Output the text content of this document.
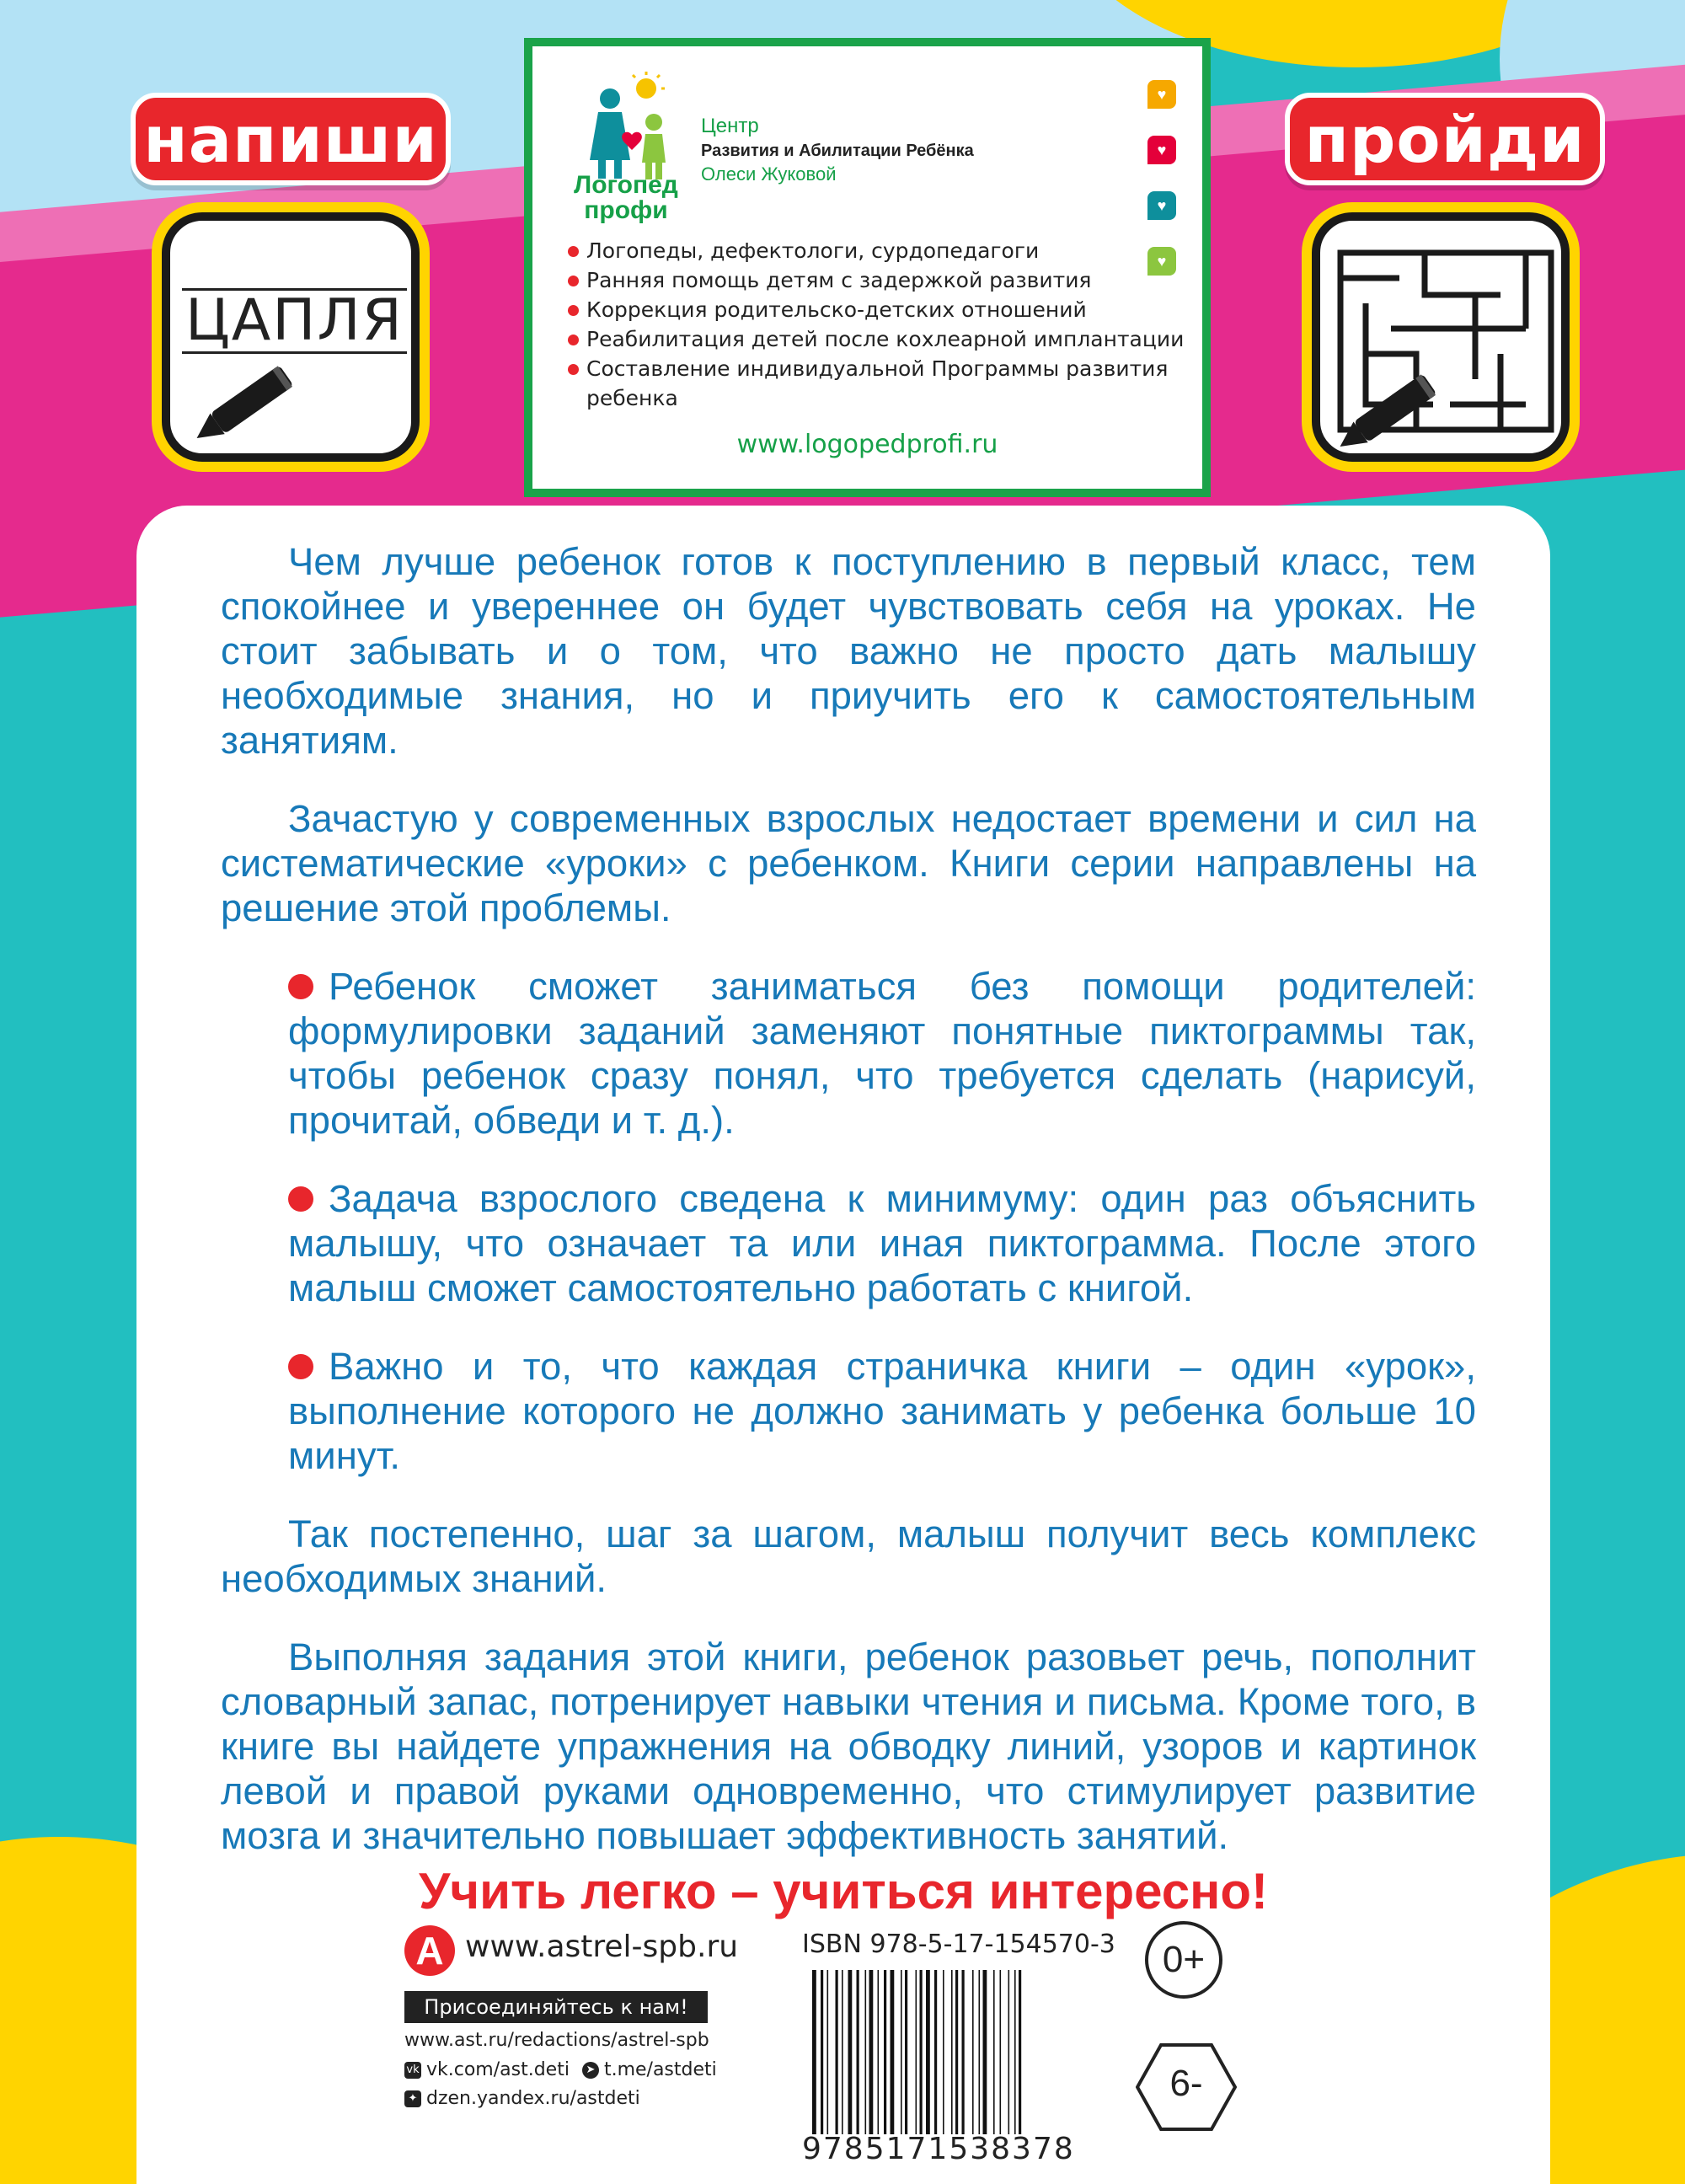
напиши
ЦАПЛЯ
пройди
Логопед
профи
Центр
Развития и Абилитации Ребёнка
Олеси Жуковой
♥
♥
♥
♥
Логопеды, дефектологи, сурдопедагоги
Ранняя помощь детям с задержкой развития
Коррекция родительско-детских отношений
Реабилитация детей после кохлеарной имплантации
Составление индивидуальной Программы развития ребенка
www.logopedprofi.ru

Чем лучше ребенок готов к поступлению в первый класс, тем спокойнее и увереннее он будет чувствовать себя на уроках. Не стоит забывать и о том, что важно не просто дать малышу необходимые знания, но и приучить его к самостоятельным занятиям.

Зачастую у современных взрослых недостает времени и сил на систематические «уроки» с ребенком. Книги серии направлены на решение этой проблемы.

Ребенок сможет заниматься без помощи родителей: формулировки заданий заменяют понятные пиктограммы так, чтобы ребенок сразу понял, что требуется сделать (нарисуй, прочитай, обведи и т. д.).

Задача взрослого сведена к минимуму: один раз объяснить малышу, что означает та или иная пиктограмма. После этого малыш сможет самостоятельно работать с книгой.

Важно и то, что каждая страничка книги – один «урок», выполнение которого не должно занимать у ребенка больше 10 минут.

Так постепенно, шаг за шагом, малыш получит весь комплекс необходимых знаний.

Выполняя задания этой книги, ребенок разовьет речь, пополнит словарный запас, потренирует навыки чтения и письма. Кроме того, в книге вы найдете упражнения на обводку линий, узоров и картинок левой и правой руками одновременно, что стимулирует развитие мозга и значительно повышает эффективность занятий.

Учить легко – учиться интересно!
A www.astrel-spb.ru
Присоединяйтесь к нам!
www.ast.ru/redactions/astrel-spb
vk vk.com/ast.deti ➤ t.me/astdeti
✦ dzen.yandex.ru/astdeti
ISBN 978-5-17-154570-3
9785171538378
0+
6-
